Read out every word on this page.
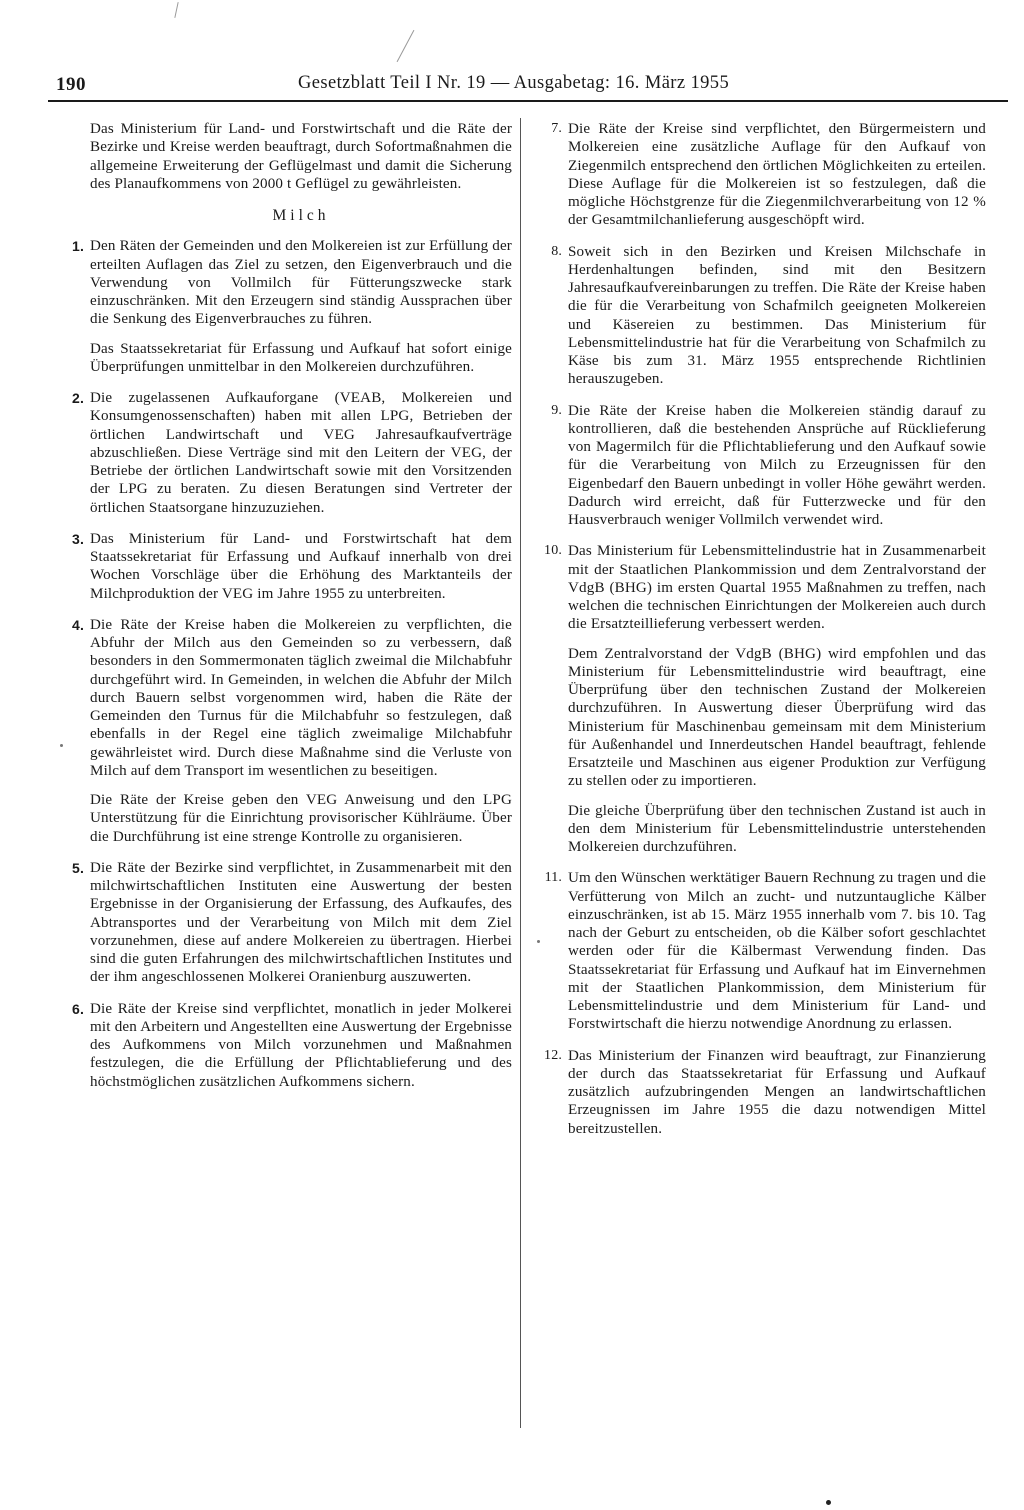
190	Gesetzblatt Teil I Nr. 19 — Ausgabetag: 16. März 1955

Das Ministerium für Land- und Forstwirtschaft und die Räte der Bezirke und Kreise werden beauftragt, durch Sofortmaßnahmen die allgemeine Erweiterung der Geflügelmast und damit die Sicherung des Planaufkommens von 2000 t Geflügel zu gewährleisten.

Milch
1. Den Räten der Gemeinden und den Molkereien ist zur Erfüllung der erteilten Auflagen das Ziel zu setzen, den Eigenverbrauch und die Verwendung von Vollmilch für Fütterungszwecke stark einzuschränken. Mit den Erzeugern sind ständig Aussprachen über die Senkung des Eigenverbrauches zu führen.

Das Staatssekretariat für Erfassung und Aufkauf hat sofort einige Überprüfungen unmittelbar in den Molkereien durchzuführen.

2. Die zugelassenen Aufkauforgane (VEAB, Molkereien und Konsumgenossenschaften) haben mit allen LPG, Betrieben der örtlichen Landwirtschaft und VEG Jahresaufkaufverträge abzuschließen. Diese Verträge sind mit den Leitern der VEG, der Betriebe der örtlichen Landwirtschaft sowie mit den Vorsitzenden der LPG zu beraten. Zu diesen Beratungen sind Vertreter der örtlichen Staatsorgane hinzuzuziehen.

3. Das Ministerium für Land- und Forstwirtschaft hat dem Staatssekretariat für Erfassung und Aufkauf innerhalb von drei Wochen Vorschläge über die Erhöhung des Marktanteils der Milchproduktion der VEG im Jahre 1955 zu unterbreiten.

4. Die Räte der Kreise haben die Molkereien zu verpflichten, die Abfuhr der Milch aus den Gemeinden so zu verbessern, daß besonders in den Sommermonaten täglich zweimal die Milchabfuhr durchgeführt wird. In Gemeinden, in welchen die Abfuhr der Milch durch Bauern selbst vorgenommen wird, haben die Räte der Gemeinden den Turnus für die Milchabfuhr so festzulegen, daß ebenfalls in der Regel eine täglich zweimalige Milchabfuhr gewährleistet wird. Durch diese Maßnahme sind die Verluste von Milch auf dem Transport im wesentlichen zu beseitigen.

Die Räte der Kreise geben den VEG Anweisung und den LPG Unterstützung für die Einrichtung provisorischer Kühlräume. Über die Durchführung ist eine strenge Kontrolle zu organisieren.

5. Die Räte der Bezirke sind verpflichtet, in Zusammenarbeit mit den milchwirtschaftlichen Instituten eine Auswertung der besten Ergebnisse in der Organisierung der Erfassung, des Aufkaufes, des Abtransportes und der Verarbeitung von Milch mit dem Ziel vorzunehmen, diese auf andere Molkereien zu übertragen. Hierbei sind die guten Erfahrungen des milchwirtschaftlichen Institutes und der ihm angeschlossenen Molkerei Oranienburg auszuwerten.

6. Die Räte der Kreise sind verpflichtet, monatlich in jeder Molkerei mit den Arbeitern und Angestellten eine Auswertung der Ergebnisse des Aufkommens von Milch vorzunehmen und Maßnahmen festzulegen, die die Erfüllung der Pflichtablieferung und des höchstmöglichen zusätzlichen Aufkommens sichern.

7. Die Räte der Kreise sind verpflichtet, den Bürgermeistern und Molkereien eine zusätzliche Auflage für den Aufkauf von Ziegenmilch entsprechend den örtlichen Möglichkeiten zu erteilen. Diese Auflage für die Molkereien ist so festzulegen, daß die mögliche Höchstgrenze für die Ziegenmilchverarbeitung von 12 % der Gesamtmilchanlieferung ausgeschöpft wird.

8. Soweit sich in den Bezirken und Kreisen Milchschafe in Herdenhaltungen befinden, sind mit den Besitzern Jahresaufkaufvereinbarungen zu treffen. Die Räte der Kreise haben die für die Verarbeitung von Schafmilch geeigneten Molkereien und Käsereien zu bestimmen. Das Ministerium für Lebensmittelindustrie hat für die Verarbeitung von Schafmilch zu Käse bis zum 31. März 1955 entsprechende Richtlinien herauszugeben.

9. Die Räte der Kreise haben die Molkereien ständig darauf zu kontrollieren, daß die bestehenden Ansprüche auf Rücklieferung von Magermilch für die Pflichtablieferung und den Aufkauf sowie für die Verarbeitung von Milch zu Erzeugnissen für den Eigenbedarf den Bauern unbedingt in voller Höhe gewährt werden. Dadurch wird erreicht, daß für Futterzwecke und für den Hausverbrauch weniger Vollmilch verwendet wird.

10. Das Ministerium für Lebensmittelindustrie hat in Zusammenarbeit mit der Staatlichen Plankommission und dem Zentralvorstand der VdgB (BHG) im ersten Quartal 1955 Maßnahmen zu treffen, nach welchen die technischen Einrichtungen der Molkereien auch durch die Ersatzteillieferung verbessert werden.

Dem Zentralvorstand der VdgB (BHG) wird empfohlen und das Ministerium für Lebensmittelindustrie wird beauftragt, eine Überprüfung über den technischen Zustand der Molkereien durchzuführen. In Auswertung dieser Überprüfung wird das Ministerium für Maschinenbau gemeinsam mit dem Ministerium für Außenhandel und Innerdeutschen Handel beauftragt, fehlende Ersatzteile und Maschinen aus eigener Produktion zur Verfügung zu stellen oder zu importieren.

Die gleiche Überprüfung über den technischen Zustand ist auch in den dem Ministerium für Lebensmittelindustrie unterstehenden Molkereien durchzuführen.

11. Um den Wünschen werktätiger Bauern Rechnung zu tragen und die Verfütterung von Milch an zucht- und nutzuntaugliche Kälber einzuschränken, ist ab 15. März 1955 innerhalb vom 7. bis 10. Tag nach der Geburt zu entscheiden, ob die Kälber sofort geschlachtet werden oder für die Kälbermast Verwendung finden. Das Staatssekretariat für Erfassung und Aufkauf hat im Einvernehmen mit der Staatlichen Plankommission, dem Ministerium für Lebensmittelindustrie und dem Ministerium für Land- und Forstwirtschaft die hierzu notwendige Anordnung zu erlassen.

12. Das Ministerium der Finanzen wird beauftragt, zur Finanzierung der durch das Staatssekretariat für Erfassung und Aufkauf zusätzlich aufzubringenden Mengen an landwirtschaftlichen Erzeugnissen im Jahre 1955 die dazu notwendigen Mittel bereitzustellen.
